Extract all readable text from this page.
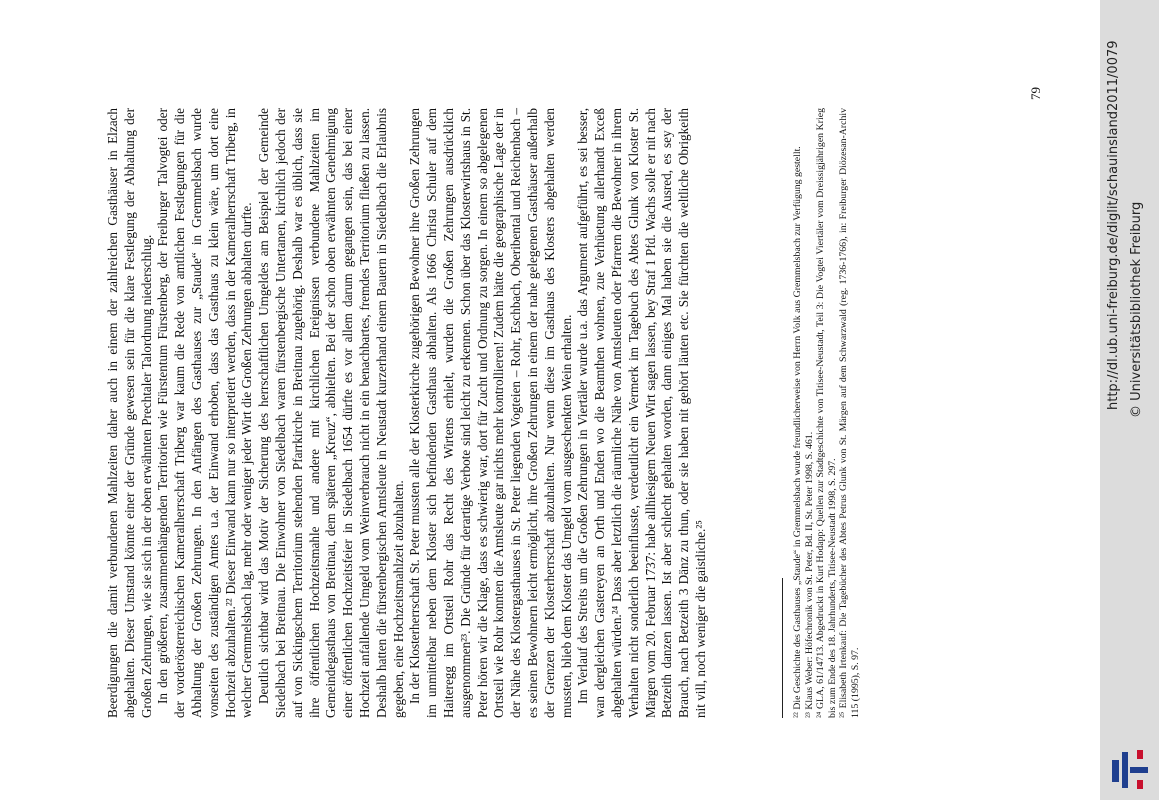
Beerdigungen die damit verbundenen Mahlzeiten daher auch in einem der zahlreichen Gasthäuser in Elzach abgehalten. Dieser Umstand könnte einer der Gründe gewesen sein für die klare Festlegung der Abhaltung der Großen Zehrungen, wie sie sich in der oben erwähnten Prechtaler Talordnung niederschlug. In den größeren, zusammenhängenden Territorien wie Fürstentum Fürstenberg, der Freiburger Talvogtei oder der vorderösterreichischen Kameralherrschaft Triberg war kaum die Rede von amtlichen Festlegungen für die Abhaltung der Großen Zehrungen. In den Anfängen des Gasthauses zur „Staude“ in Gremmelsbach wurde vonseiten des zuständigen Amtes u.a. der Einwand erhoben, dass das Gasthaus zu klein wäre, um dort eine Hochzeit abzuhalten.²² Dieser Einwand kann nur so interpretiert werden, dass in der Kameralherrschaft Triberg, in welcher Gremmelsbach lag, mehr oder weniger jeder Wirt die Großen Zehrungen abhalten durfte. Deutlich sichtbar wird das Motiv der Sicherung des herrschaftlichen Umgeldes am Beispiel der Gemeinde Siedelbach bei Breitnau. Die Einwohner von Siedelbach waren fürstenbergische Untertanen, kirchlich jedoch der auf von Sickingschem Territorium stehenden Pfarrkirche in Breitnau zugehörig. Deshalb war es üblich, dass sie ihre öffentlichen Hochzeitsmahle und andere mit kirchlichen Ereignissen verbundene Mahlzeiten im Gemeindegasthaus von Breitnau, dem späteren „Kreuz“, abhielten. Bei der schon oben erwähnten Genehmigung einer öffentlichen Hochzeitsfeier in Siedelbach 1654 dürfte es vor allem darum gegangen sein, das bei einer Hochzeit anfallende Umgeld vom Weinverbrauch nicht in ein benachbartes, fremdes Territorium fließen zu lassen. Deshalb hatten die fürstenbergischen Amtsleute in Neustadt kurzerhand einem Bauern in Siedelbach die Erlaubnis gegeben, eine Hochzeitsmahlzeit abzuhalten. In der Klosterherrschaft St. Peter mussten alle der Klosterkirche zugehörigen Bewohner ihre Großen Zehrungen im unmittelbar neben dem Kloster sich befindenden Gasthaus abhalten. Als 1666 Christa Schuler auf dem Haiteregg im Ortsteil Rohr das Recht des Wirtens erhielt, wurden die Großen Zehrungen ausdrücklich ausgenommen²³. Die Gründe für derartige Verbote sind leicht zu erkennen. Schon über das Klosterwirtshaus in St. Peter hören wir die Klage, dass es schwierig war, dort für Zucht und Ordnung zu sorgen. In einem so abgelegenen Ortsteil wie Rohr konnten die Amtsleute gar nichts mehr kontrollieren! Zudem hätte die geographische Lage der in der Nähe des Klostergasthauses in St. Peter liegenden Vogteien – Rohr, Eschbach, Oberibental und Reichenbach – es seinen Bewohnern leicht ermöglicht, ihre Großen Zehrungen in einem der nahe gelegenen Gasthäuser außerhalb der Grenzen der Klosterherrschaft abzuhalten. Nur wenn diese im Gasthaus des Klosters abgehalten werden mussten, blieb dem Kloster das Umgeld vom ausgeschenkten Wein erhalten. Im Verlauf des Streits um die Großen Zehrungen in Viertäler wurde u.a. das Argument aufgeführt, es sei besser, wan dergleichen Gastereyen an Orth und Enden wo die Beamthen wohnen, zue Verhüetung allerhandt Exceß abgehalten würden.²⁴ Dass aber letztlich die räumliche Nähe von Amtsleuten oder Pfarrern die Bewohner in ihrem Verhalten nicht sonderlich beeinflusste, verdeutlicht ein Vermerk im Tagebuch des Abtes Glunk von Kloster St. Märgen vom 20. Februar 1737: habe allhiesigem Neuen Wirt sagen lassen, bey Straf 1 Pfd. Wachs solle er nit nach Betzeith danzen lassen. Ist aber schlecht gehalten worden, dann einiges Mal haben sie die Ausred, es sey der Brauch, nach Betzeith 3 Dänz zu thun, oder sie haben nit gehört läuten etc. Sie fürchten die weltliche Obrigkeith nit vill, noch weniger die gaistliche.²⁵	²² Die Geschichte des Gasthauses „Staude“ in Gremmelsbach wurde freundlicherweise von Herrn Volk aus Gremmelsbach zur Verfügung gestellt. ²³ Klaus Weber: Höfechronik von St. Peter, Bd. II, St. Peter 1998, S. 461. ²⁴ GLA, 61/14713. Abgedruckt in Kurt Hodapp: Quellen zur Stadtgeschichte von Titisee-Neustadt, Teil 3: Die Vogtei Viertäler vom Dreissigjährigen Krieg bis zum Ende des 18. Jahrhunderts, Titisee-Neustadt 1998, S. 297. ²⁵ Elisabeth Irtenkauf: Die Tagebücher des Abtes Petrus Glunk von St. Märgen auf dem Schwarzwald (reg. 1736-1766), in: Freiburger Diözesan-Archiv 115 (1995), S. 97.

79	http://dl.ub.uni-freiburg.de/diglit/schauinsland2011/0079 © Universitätsbibliothek Freiburg
